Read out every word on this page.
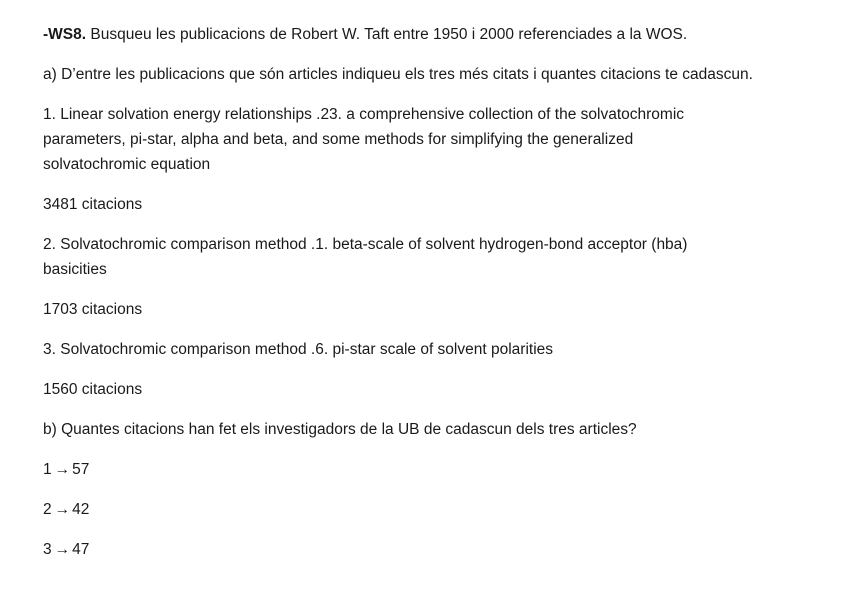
-WS8. Busqueu les publicacions de Robert W. Taft entre 1950 i 2000 referenciades a la WOS.

a) D’entre les publicacions que són articles indiqueu els tres més citats i quantes citacions te cadascun.

1. Linear solvation energy relationships .23. a comprehensive collection of the solvatochromic
parameters, pi-star, alpha and beta, and some methods for simplifying the generalized
solvatochromic equation

3481 citacions

2. Solvatochromic comparison method .1. beta-scale of solvent hydrogen-bond acceptor (hba)
basicities

1703 citacions

3. Solvatochromic comparison method .6. pi-star scale of solvent polarities

1560 citacions

b) Quantes citacions han fet els investigadors de la UB de cadascun dels tres articles?

1 → 57

2 → 42

3 → 47
